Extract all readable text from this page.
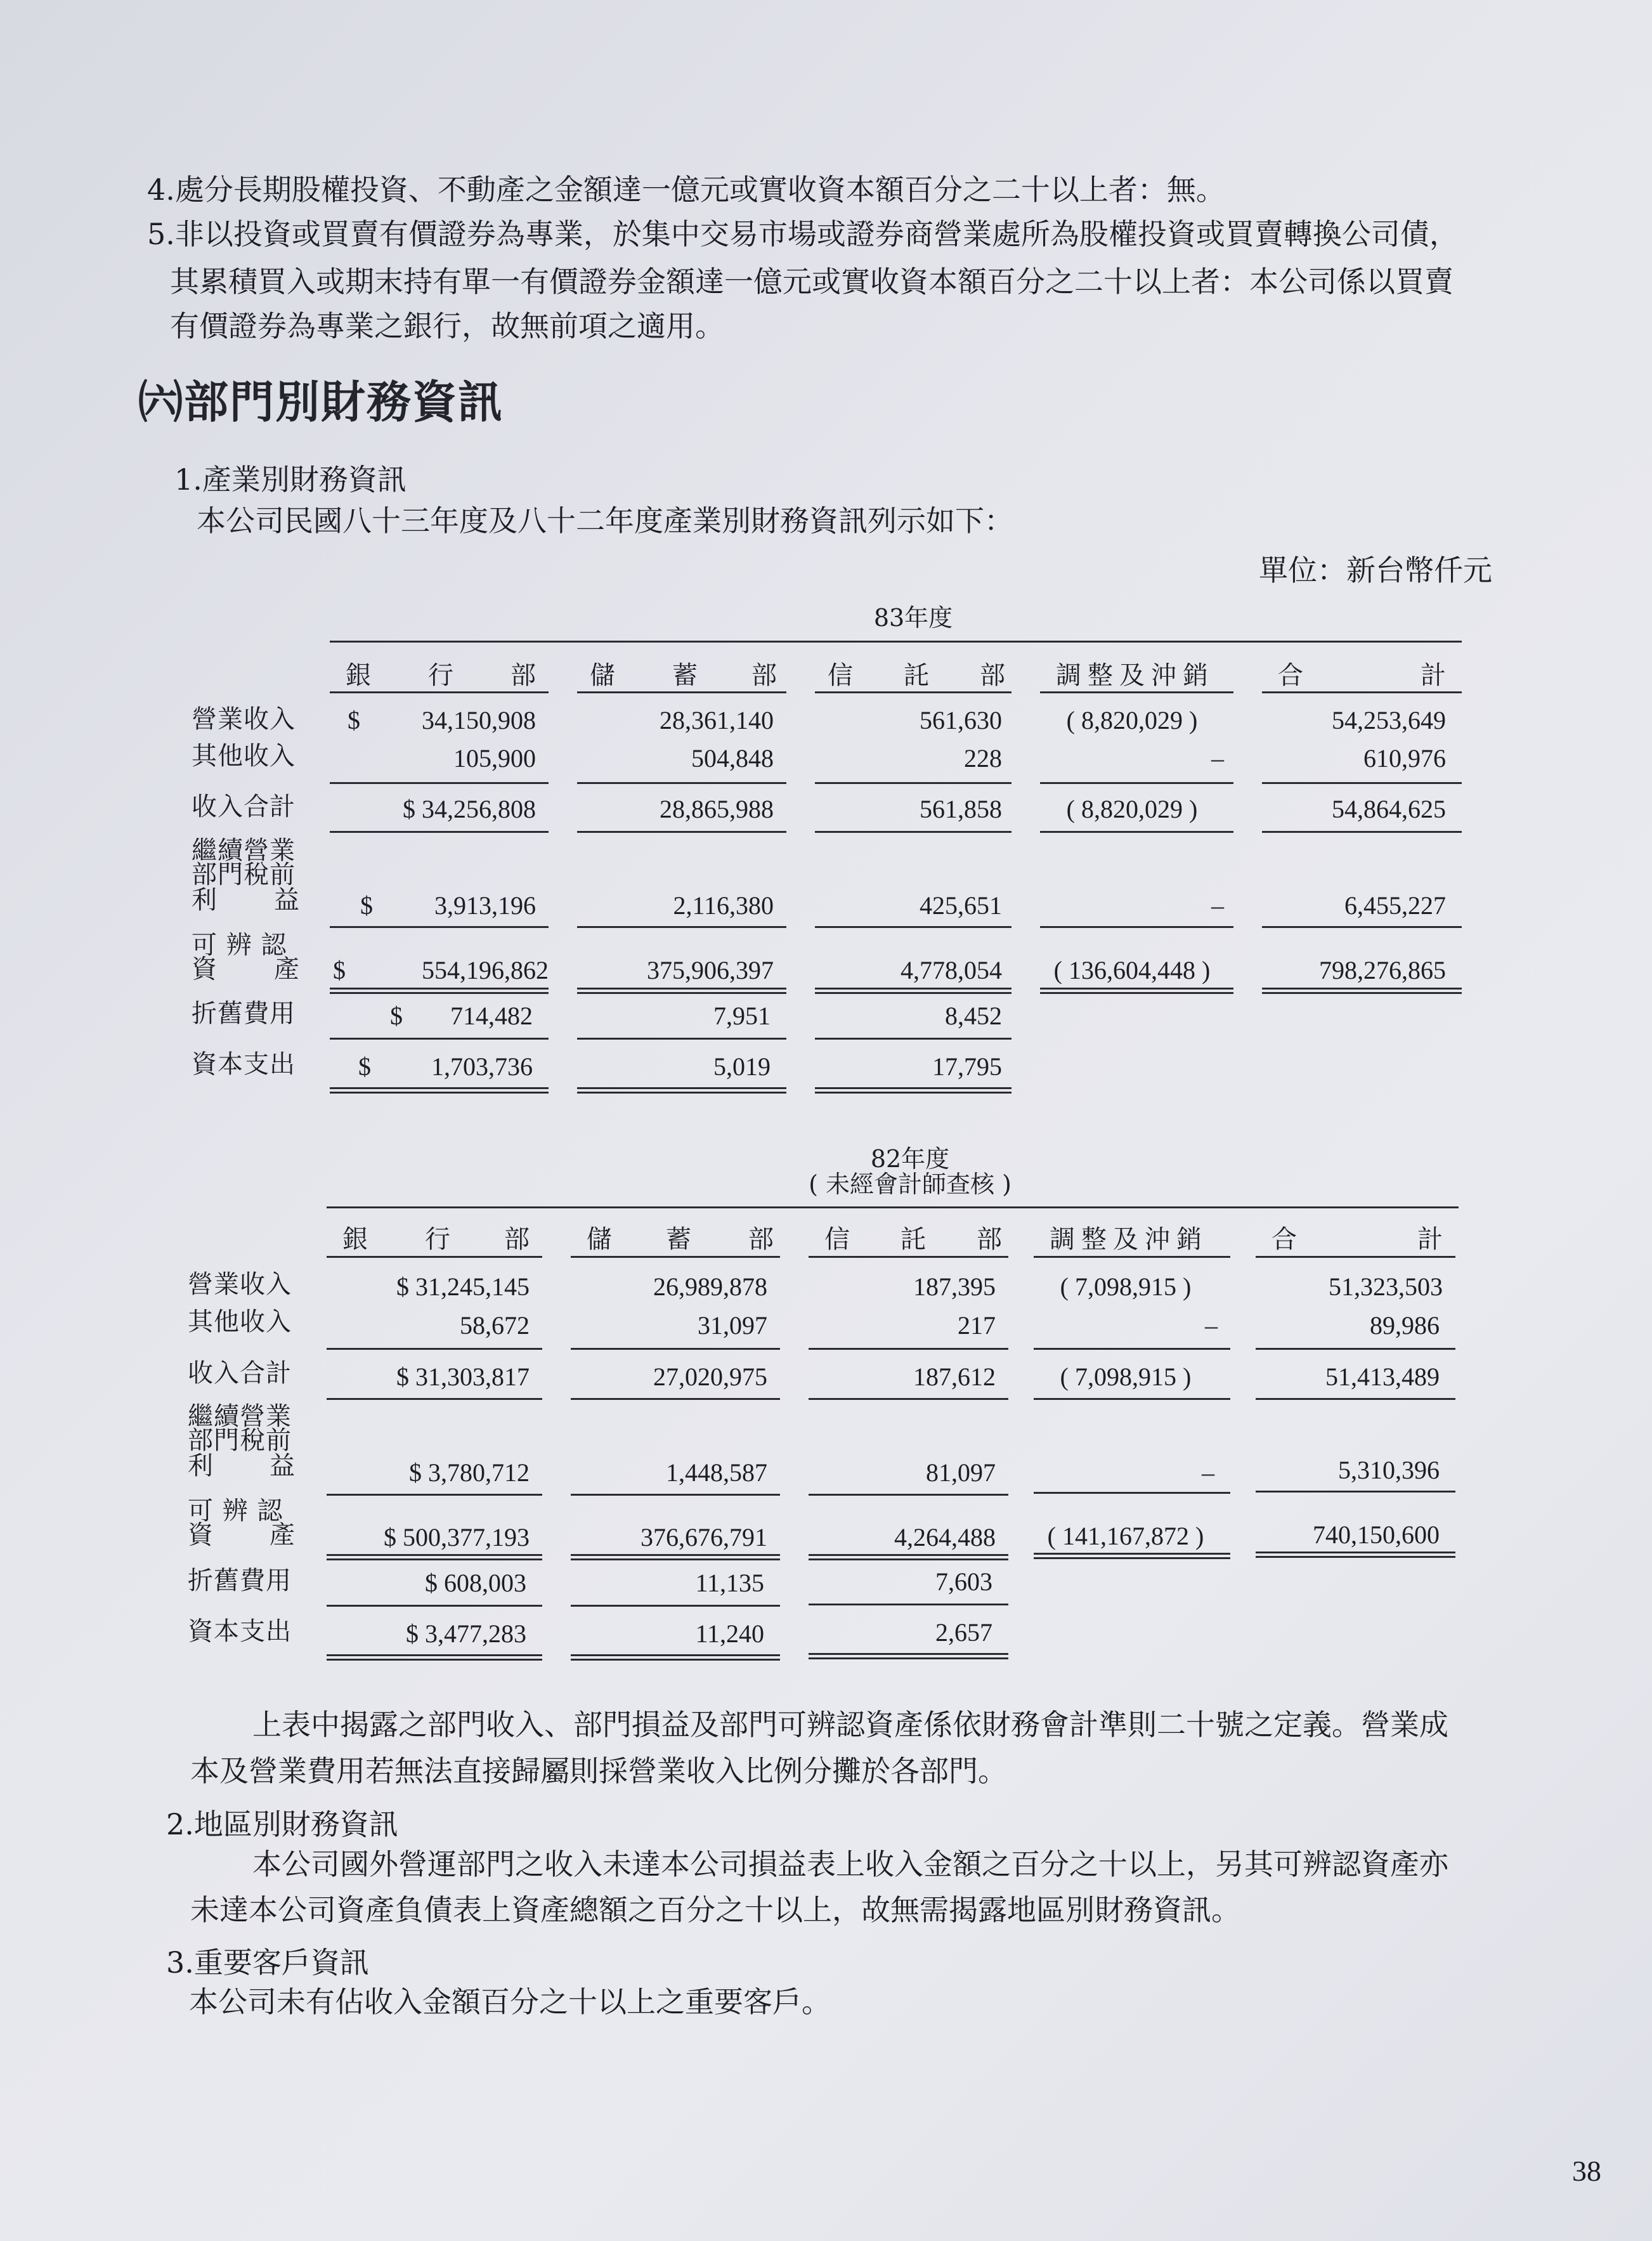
4.處分長期股權投資、不動產之金額達一億元或實收資本額百分之二十以上者：無。
5.非以投資或買賣有價證券為專業，於集中交易市場或證券商營業處所為股權投資或買賣轉換公司債，
其累積買入或期末持有單一有價證券金額達一億元或實收資本額百分之二十以上者：本公司係以買賣
有價證券為專業之銀行，故無前項之適用。
㈥部門別財務資訊
1.產業別財務資訊
本公司民國八十三年度及八十二年度產業別財務資訊列示如下：
單位：新台幣仟元
83年度
銀 行 部 儲 蓄 部 信 託 部 調整及沖銷	合	計
營業收入 $	34,150,908	28,361,140	561,630	( 8,820,029 )	54,253,649
其他收入	105,900	504,848	228	–	610,976
收入合計	$ 34,256,808	28,865,988	561,858	( 8,820,029 )	54,864,625
繼續營業
部門稅前
利 益 $	3,913,196	2,116,380	425,651	–	6,455,227
可 辨 認
資 產 $	554,196,862	375,906,397	4,778,054	( 136,604,448 )	798,276,865
折舊費用	$	714,482	7,951	8,452
資本支出 $	1,703,736	5,019	17,795
82年度
( 未經會計師查核 )
銀 行 部 儲 蓄 部 信 託 部 調整及沖銷	合	計
營業收入	$ 31,245,145	26,989,878	187,395	( 7,098,915 )	51,323,503
其他收入	58,672	31,097	217	–	89,986
收入合計	$ 31,303,817	27,020,975	187,612	( 7,098,915 )	51,413,489
繼續營業
部門稅前
利 益	$ 3,780,712	1,448,587	81,097	–	5,310,396
可 辨 認
資 產	$ 500,377,193	376,676,791	4,264,488	( 141,167,872 )	740,150,600
折舊費用	$ 608,003	11,135	7,603
資本支出	$ 3,477,283	11,240	2,657
上表中揭露之部門收入、部門損益及部門可辨認資產係依財務會計準則二十號之定義。營業成
本及營業費用若無法直接歸屬則採營業收入比例分攤於各部門。
2.地區別財務資訊
本公司國外營運部門之收入未達本公司損益表上收入金額之百分之十以上，另其可辨認資產亦
未達本公司資產負債表上資產總額之百分之十以上，故無需揭露地區別財務資訊。
3.重要客戶資訊
本公司未有佔收入金額百分之十以上之重要客戶。
38
